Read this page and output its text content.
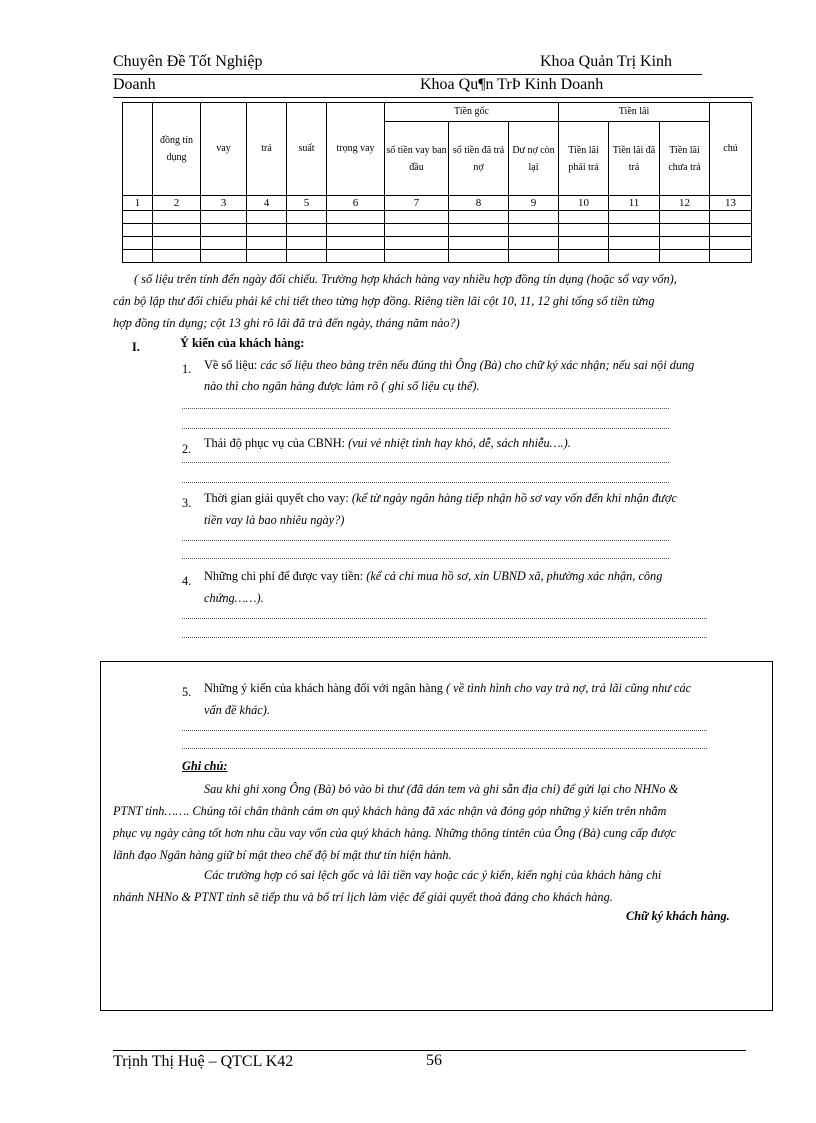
Chuyên Đề Tốt Nghiệp	Khoa Quản Trị Kinh
Doanh	Khoa Qu¶n TrÞ Kinh Doanh
	đồng tín dụng	vay	trả	suất	trọng vay	Tiền gốc			Tiền lãi			chú
						số tiền vay ban đầu	số tiền đã trả nợ	Dư nợ còn lại	Tiền lãi phải trả	Tiền lãi đã trả	Tiền lãi chưa trả	
1	2	3	4	5	6	7	8	9	10	11	12	13

( số liệu trên tính đến ngày đối chiếu. Trường hợp khách hàng vay nhiều hợp đồng tín dụng (hoặc sổ vay vốn),
cán bộ lập thư đối chiếu phải kê chi tiết theo từng hợp đồng. Riêng tiền lãi cột 10, 11, 12 ghi tổng số tiền từng
hợp đồng tín dụng; cột 13 ghi rõ lãi đã trả đến ngày, tháng năm nào?)
I.	Ý kiến của khách hàng:
1. Về số liệu: các số liệu theo bảng trên nếu đúng thì Ông (Bà) cho chữ ký xác nhận; nếu sai nội dung
nào thì cho ngân hàng được làm rõ ( ghi số liệu cụ thể).
2. Thái độ phục vụ của CBNH: (vui vẻ nhiệt tình hay khó, dễ, sách nhiễu….).
3. Thời gian giải quyết cho vay: (kể từ ngày ngân hàng tiếp nhận hồ sơ vay vốn đến khi nhận được
tiền vay là bao nhiêu ngày?)
4. Những chi phí để được vay tiền: (kể cả chi mua hồ sơ, xin UBND xã, phường xác nhận, công
chứng……).
5. Những ý kiến của khách hàng đối với ngân hàng ( về tình hình cho vay trả nợ, trả lãi cũng như các
vấn đề khác).
Ghi chú:
Sau khi ghi xong Ông (Bà) bỏ vào bì thư (đã dán tem và ghi sẵn địa chỉ) để gửi lại cho NHNo &
PTNT tỉnh……. Chúng tôi chân thành cám ơn quý khách hàng đã xác nhận và đóng góp những ý kiến trên nhằm
phục vụ ngày càng tốt hơn nhu cầu vay vốn của quý khách hàng. Những thông tintên của Ông (Bà) cung cấp được
lãnh đạo Ngân hàng giữ bí mật theo chế độ bí mật thư tín hiện hành.
Các trường hợp có sai lệch gốc và lãi tiền vay hoặc các ý kiến, kiến nghị của khách hàng chi
nhánh NHNo & PTNT tỉnh sẽ tiếp thu và bố trí lịch làm việc để giải quyết thoả đáng cho khách hàng.
Chữ ký khách hàng.
Trịnh Thị Huệ – QTCL K42	56
